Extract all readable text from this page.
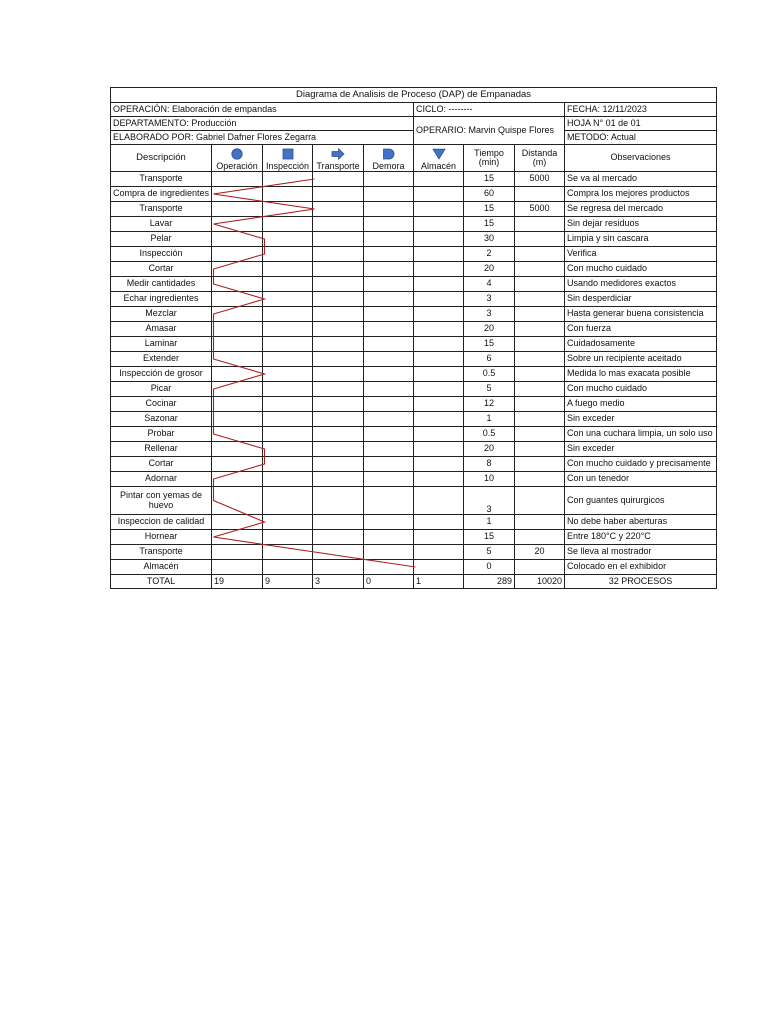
Diagrama de Analisis de Proceso (DAP) de Empanadas								
OPERACIÓN: Elaboración de empandas					CICLO: --------			FECHA: 12/11/2023
DEPARTAMENTO: Producción					OPERARIO: Marvin Quispe Flores			HOJA N° 01 de 01
ELABORADO POR: Gabriel Dafner Flores Zegarra								METODO: Actual
Descripción	Operación	Inspección	Transporte	Demora	Almacén	Tiempo (min)	Distanda (m)	Observaciones
Transporte						15	5000	Se va al mercado
Compra de ingredientes						60		Compra los mejores productos
Transporte						15	5000	Se regresa del mercado
Lavar						15		Sin dejar residuos
Pelar						30		Limpia y sin cascara
Inspección						2		Verifica
Cortar						20		Con mucho cuidado
Medir cantidades						4		Usando medidores exactos
Echar ingredientes						3		Sin desperdiciar
Mezclar						3		Hasta generar buena consistencia
Amasar						20		Con fuerza
Laminar						15		Cuidadosamente
Extender						6		Sobre un recipiente aceitado
Inspección de grosor						0.5		Medida lo mas exacata posible
Picar						5		Con mucho cuidado
Cocinar						12		A fuego medio
Sazonar						1		Sin exceder
Probar						0.5		Con una cuchara limpia, un solo uso
Rellenar						20		Sin exceder
Cortar						8		Con mucho cuidado y precisamente
Adornar						10		Con un tenedor
Pintar con yemas de huevo						3		Con guantes quirurgicos
Inspeccion de calidad						1		No debe haber aberturas
Hornear						15		Entre 180°C y 220°C
Transporte						5	20	Se lleva al mostrador
Almacén						0		Colocado en el exhibidor
TOTAL	19	9	3	0	1	289	10020	32 PROCESOS
